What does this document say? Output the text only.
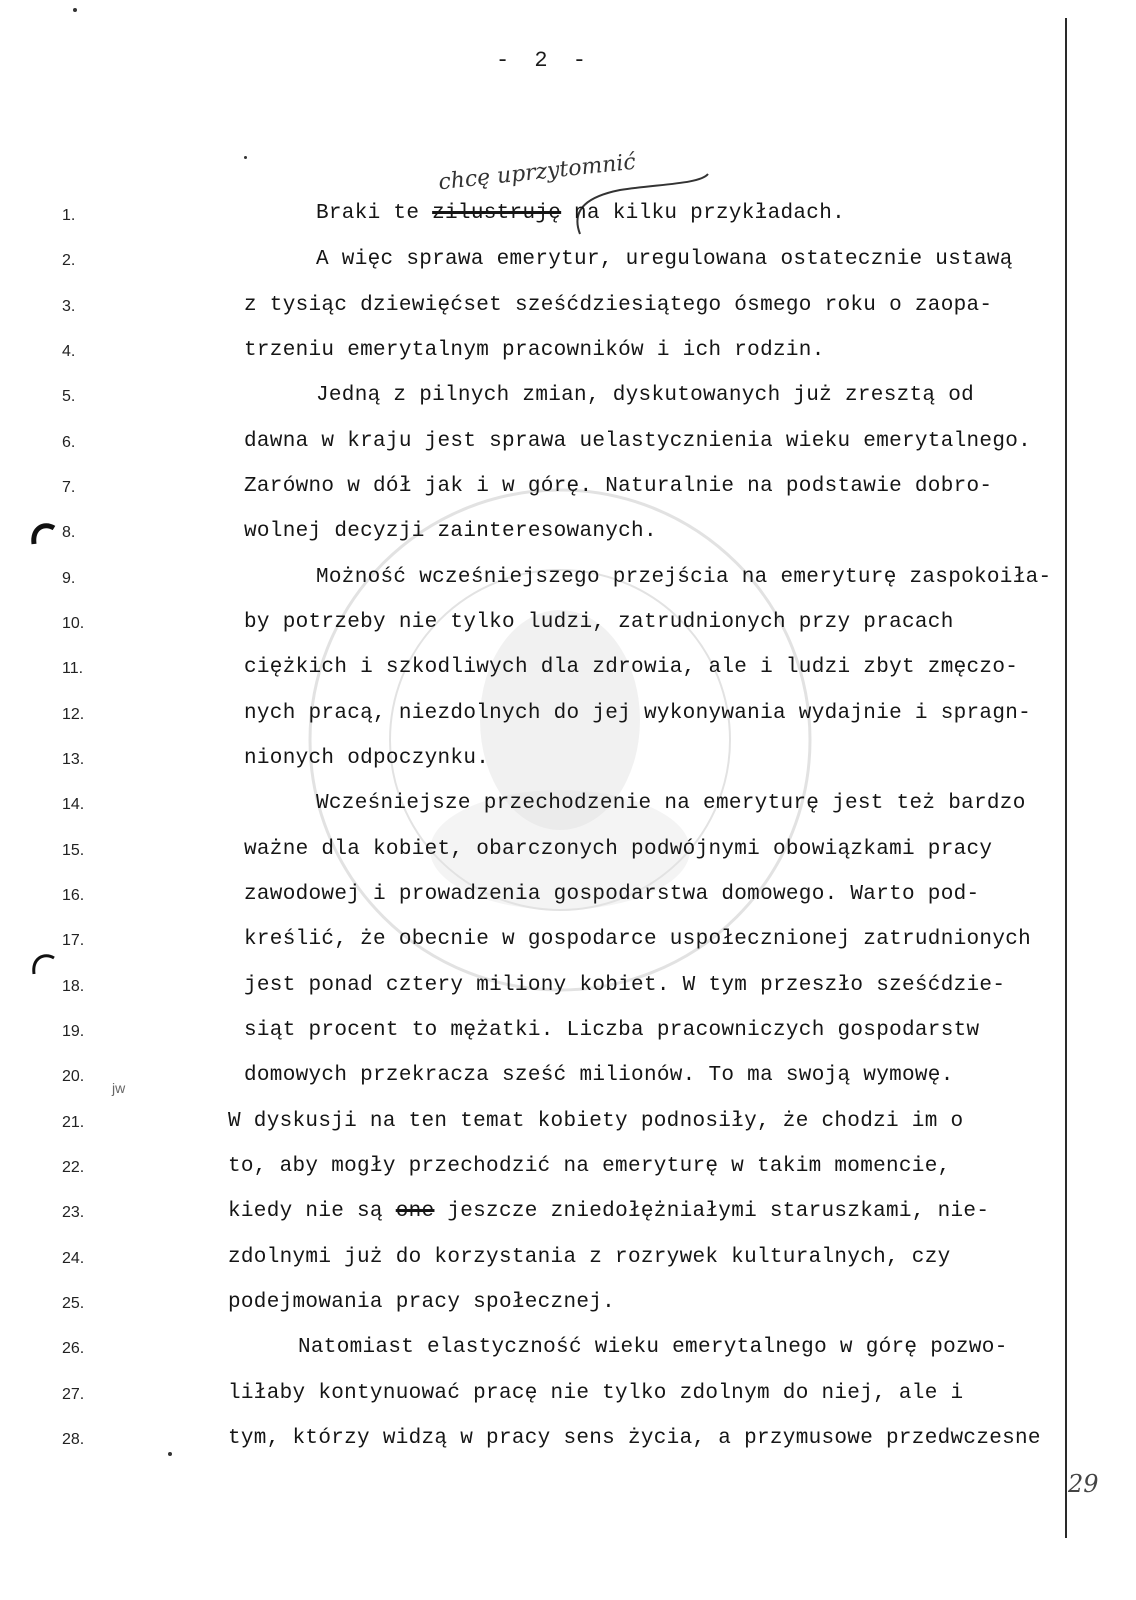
- 2 -
chcę uprzytomnić
jw
29
1.
2.
3.
4.
5.
6.
7.
8.
9.
10.
11.
12.
13.
14.
15.
16.
17.
18.
19.
20.
21.
22.
23.
24.
25.
26.
27.
28.
Braki te zilustruję na kilku przykładach.
A więc sprawa emerytur, uregulowana ostatecznie ustawą
z tysiąc dziewięćset sześćdziesiątego ósmego roku o zaopa-
trzeniu emerytalnym pracowników i ich rodzin.
Jedną z pilnych zmian, dyskutowanych już zresztą od
dawna w kraju jest sprawa uelastycznienia wieku emerytalnego.
Zarówno w dół jak i w górę. Naturalnie na podstawie dobro-
wolnej decyzji zainteresowanych.
Możność wcześniejszego przejścia na emeryturę zaspokoiła-
by potrzeby nie tylko ludzi, zatrudnionych przy pracach
ciężkich i szkodliwych dla zdrowia, ale i ludzi zbyt zmęczo-
nych pracą, niezdolnych do jej wykonywania wydajnie i spragn-
nionych odpoczynku.
Wcześniejsze przechodzenie na emeryturę jest też bardzo
ważne dla kobiet, obarczonych podwójnymi obowiązkami pracy
zawodowej i prowadzenia gospodarstwa domowego. Warto pod-
kreślić, że obecnie w gospodarce uspołecznionej zatrudnionych
jest ponad cztery miliony kobiet. W tym przeszło sześćdzie-
siąt procent to mężatki. Liczba pracowniczych gospodarstw
domowych przekracza sześć milionów. To ma swoją wymowę.
W dyskusji na ten temat kobiety podnosiły, że chodzi im o
to, aby mogły przechodzić na emeryturę w takim momencie,
kiedy nie są one jeszcze zniedołężniałymi staruszkami, nie-
zdolnymi już do korzystania z rozrywek kulturalnych, czy
podejmowania pracy społecznej.
Natomiast elastyczność wieku emerytalnego w górę pozwo-
liłaby kontynuować pracę nie tylko zdolnym do niej, ale i
tym, którzy widzą w pracy sens życia, a przymusowe przedwczesne
